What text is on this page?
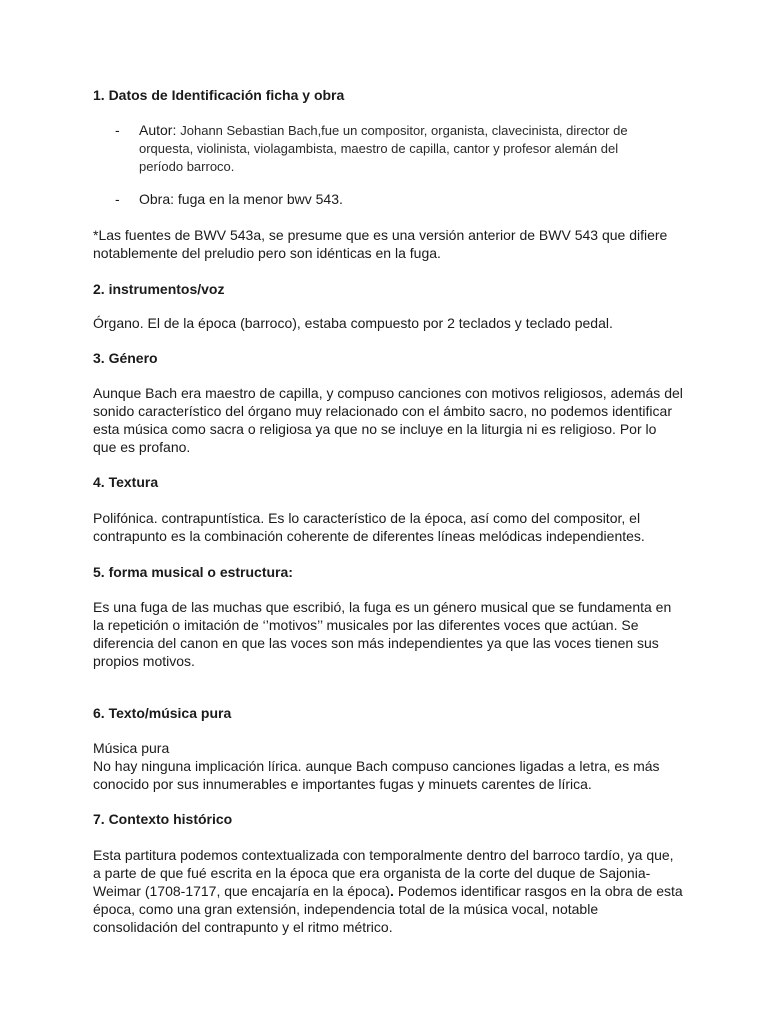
1. Datos de Identificación ficha y obra

- Autor: Johann Sebastian Bach,fue un compositor, organista, clavecinista, director de orquesta, violinista, violagambista, maestro de capilla, cantor y profesor alemán del período barroco.
- Obra: fuga en la menor bwv 543.

*Las fuentes de BWV 543a, se presume que es una versión anterior de BWV 543 que difiere notablemente del preludio pero son idénticas en la fuga.

2. instrumentos/voz

Órgano. El de la época (barroco), estaba compuesto por 2 teclados y teclado pedal.

3. Género

Aunque Bach era maestro de capilla, y compuso canciones con motivos religiosos, además del sonido característico del órgano muy relacionado con el ámbito sacro, no podemos identificar esta música como sacra o religiosa ya que no se incluye en la liturgia ni es religioso. Por lo que es profano.

4. Textura

Polifónica. contrapuntística. Es lo característico de la época, así como del compositor, el contrapunto es la combinación coherente de diferentes líneas melódicas independientes.

5. forma musical o estructura:

Es una fuga de las muchas que escribió, la fuga es un género musical que se fundamenta en la repetición o imitación de ‘’motivos’’ musicales por las diferentes voces que actúan. Se diferencia del canon en que las voces son más independientes ya que las voces tienen sus propios motivos.

6. Texto/música pura

Música pura

No hay ninguna implicación lírica. aunque Bach compuso canciones ligadas a letra, es más conocido por sus innumerables e importantes fugas y minuets carentes de lírica.

7. Contexto histórico

Esta partitura podemos contextualizada con temporalmente dentro del barroco tardío, ya que, a parte de que fué escrita en la época que era organista de la corte del duque de Sajonia-Weimar (1708-1717, que encajaría en la época). Podemos identificar rasgos en la obra de esta época, como una gran extensión, independencia total de la música vocal, notable consolidación del contrapunto y el ritmo métrico.
